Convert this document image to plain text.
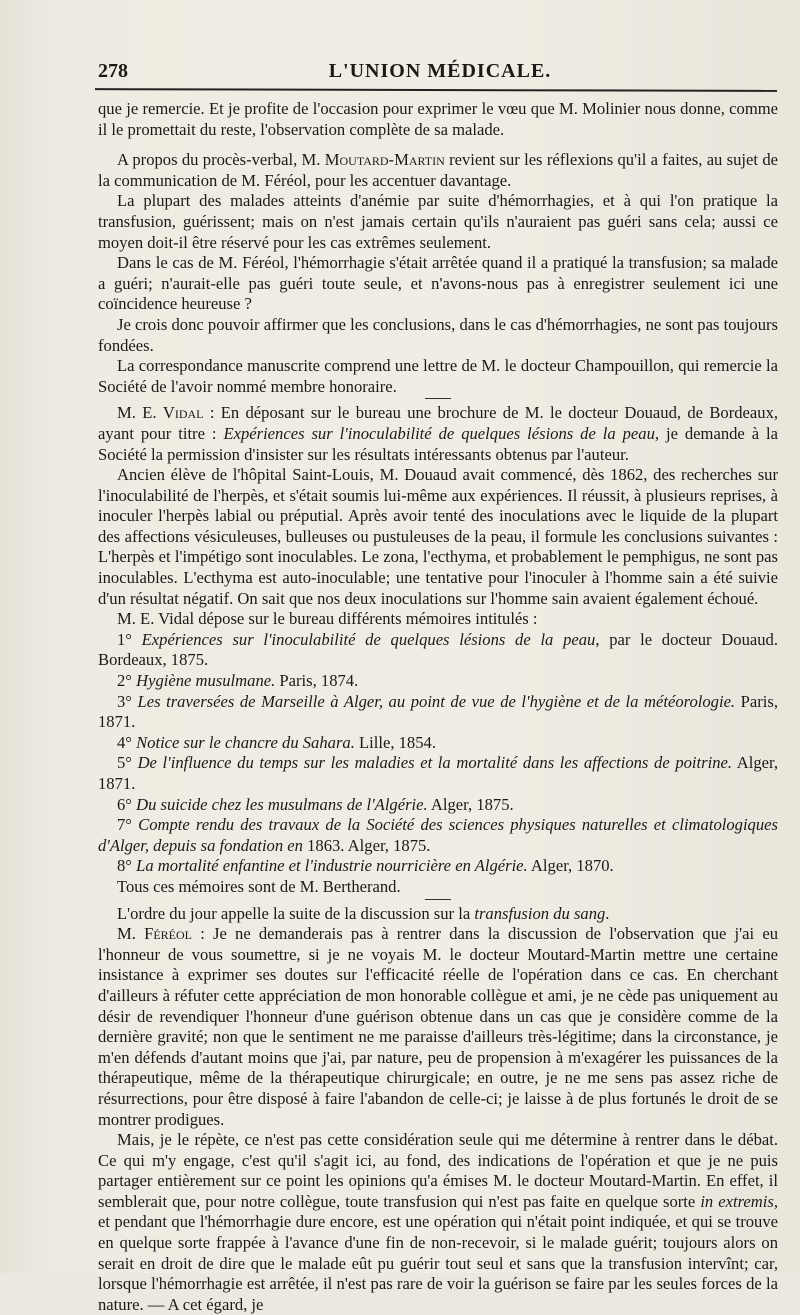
278	L'UNION MÉDICALE.

que je remercie. Et je profite de l'occasion pour exprimer le vœu que M. Molinier nous donne, comme il le promettait du reste, l'observation complète de sa malade.

A propos du procès-verbal, M. Moutard-Martin revient sur les réflexions qu'il a faites, au sujet de la communication de M. Féréol, pour les accentuer davantage.

La plupart des malades atteints d'anémie par suite d'hémorrhagies, et à qui l'on pratique la transfusion, guérissent; mais on n'est jamais certain qu'ils n'auraient pas guéri sans cela; aussi ce moyen doit-il être réservé pour les cas extrêmes seulement.

Dans le cas de M. Féréol, l'hémorrhagie s'était arrêtée quand il a pratiqué la transfusion; sa malade a guéri; n'aurait-elle pas guéri toute seule, et n'avons-nous pas à enregistrer seulement ici une coïncidence heureuse ?

Je crois donc pouvoir affirmer que les conclusions, dans le cas d'hémorrhagies, ne sont pas toujours fondées.

La correspondance manuscrite comprend une lettre de M. le docteur Champouillon, qui remercie la Société de l'avoir nommé membre honoraire.

M. E. Vidal : En déposant sur le bureau une brochure de M. le docteur Douaud, de Bordeaux, ayant pour titre : Expériences sur l'inoculabilité de quelques lésions de la peau, je demande à la Société la permission d'insister sur les résultats intéressants obtenus par l'auteur.

Ancien élève de l'hôpital Saint-Louis, M. Douaud avait commencé, dès 1862, des recherches sur l'inoculabilité de l'herpès, et s'était soumis lui-même aux expériences. Il réussit, à plusieurs reprises, à inoculer l'herpès labial ou préputial. Après avoir tenté des inoculations avec le liquide de la plupart des affections vésiculeuses, bulleuses ou pustuleuses de la peau, il formule les conclusions suivantes : L'herpès et l'impétigo sont inoculables. Le zona, l'ecthyma, et probablement le pemphigus, ne sont pas inoculables. L'ecthyma est auto-inoculable; une tentative pour l'inoculer à l'homme sain a été suivie d'un résultat négatif. On sait que nos deux inoculations sur l'homme sain avaient également échoué.

M. E. Vidal dépose sur le bureau différents mémoires intitulés :

1° Expériences sur l'inoculabilité de quelques lésions de la peau, par le docteur Douaud. Bordeaux, 1875.

2° Hygiène musulmane. Paris, 1874.

3° Les traversées de Marseille à Alger, au point de vue de l'hygiène et de la météorologie. Paris, 1871.

4° Notice sur le chancre du Sahara. Lille, 1854.

5° De l'influence du temps sur les maladies et la mortalité dans les affections de poitrine. Alger, 1871.

6° Du suicide chez les musulmans de l'Algérie. Alger, 1875.

7° Compte rendu des travaux de la Société des sciences physiques naturelles et climatologiques d'Alger, depuis sa fondation en 1863. Alger, 1875.

8° La mortalité enfantine et l'industrie nourricière en Algérie. Alger, 1870.

Tous ces mémoires sont de M. Bertherand.

L'ordre du jour appelle la suite de la discussion sur la transfusion du sang.

M. Féréol : Je ne demanderais pas à rentrer dans la discussion de l'observation que j'ai eu l'honneur de vous soumettre, si je ne voyais M. le docteur Moutard-Martin mettre une certaine insistance à exprimer ses doutes sur l'efficacité réelle de l'opération dans ce cas. En cherchant d'ailleurs à réfuter cette appréciation de mon honorable collègue et ami, je ne cède pas uniquement au désir de revendiquer l'honneur d'une guérison obtenue dans un cas que je considère comme de la dernière gravité; non que le sentiment ne me paraisse d'ailleurs très-légitime; dans la circonstance, je m'en défends d'autant moins que j'ai, par nature, peu de propension à m'exagérer les puissances de la thérapeutique, même de la thérapeutique chirurgicale; en outre, je ne me sens pas assez riche de résurrections, pour être disposé à faire l'abandon de celle-ci; je laisse à de plus fortunés le droit de se montrer prodigues.

Mais, je le répète, ce n'est pas cette considération seule qui me détermine à rentrer dans le débat. Ce qui m'y engage, c'est qu'il s'agit ici, au fond, des indications de l'opération et que je ne puis partager entièrement sur ce point les opinions qu'a émises M. le docteur Moutard-Martin. En effet, il semblerait que, pour notre collègue, toute transfusion qui n'est pas faite en quelque sorte in extremis, et pendant que l'hémorrhagie dure encore, est une opération qui n'était point indiquée, et qui se trouve en quelque sorte frappée à l'avance d'une fin de non-recevoir, si le malade guérit; toujours alors on serait en droit de dire que le malade eût pu guérir tout seul et sans que la transfusion intervînt; car, lorsque l'hémorrhagie est arrêtée, il n'est pas rare de voir la guérison se faire par les seules forces de la nature. — A cet égard, je
